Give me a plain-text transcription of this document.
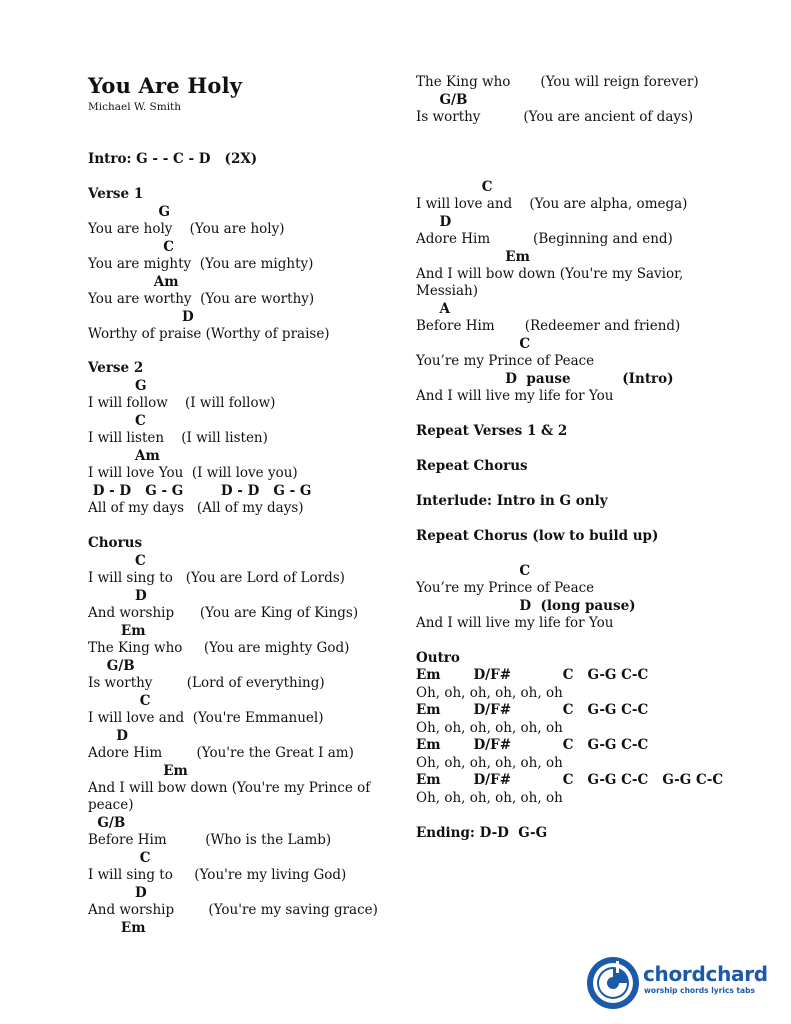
You Are Holy
Michael W. Smith
Intro: G - - C - D   (2X)
Verse 1
G
You are holy    (You are holy)
C
You are mighty  (You are mighty)
Am
You are worthy  (You are worthy)
D
Worthy of praise (Worthy of praise)
Verse 2
G
I will follow    (I will follow)
C
I will listen    (I will listen)
Am
I will love You  (I will love you)
D - D   G - G        D - D   G - G
All of my days   (All of my days)
Chorus
C
I will sing to   (You are Lord of Lords)
D
And worship      (You are King of Kings)
Em
The King who     (You are mighty God)
G/B
Is worthy        (Lord of everything)
C
I will love and  (You're Emmanuel)
D
Adore Him        (You're the Great I am)
Em
And I will bow down (You're my Prince of
peace)
G/B
Before Him         (Who is the Lamb)
C
I will sing to     (You're my living God)
D
And worship        (You're my saving grace)
Em
The King who       (You will reign forever)
G/B
Is worthy          (You are ancient of days)
C
I will love and    (You are alpha, omega)
D
Adore Him          (Beginning and end)
Em
And I will bow down (You're my Savior,
Messiah)
A
Before Him       (Redeemer and friend)
C
You’re my Prince of Peace
D  pause           (Intro)
And I will live my life for You
Repeat Verses 1 & 2
Repeat Chorus
Interlude: Intro in G only
Repeat Chorus (low to build up)
C
You’re my Prince of Peace
D  (long pause)
And I will live my life for You
Outro
Em       D/F#           C   G-G C-C
Oh, oh, oh, oh, oh, oh
Em       D/F#           C   G-G C-C
Oh, oh, oh, oh, oh, oh
Em       D/F#           C   G-G C-C
Oh, oh, oh, oh, oh, oh
Em       D/F#           C   G-G C-C   G-G C-C
Oh, oh, oh, oh, oh, oh
Ending: D-D  G-G
chordchard
worship chords lyrics tabs
